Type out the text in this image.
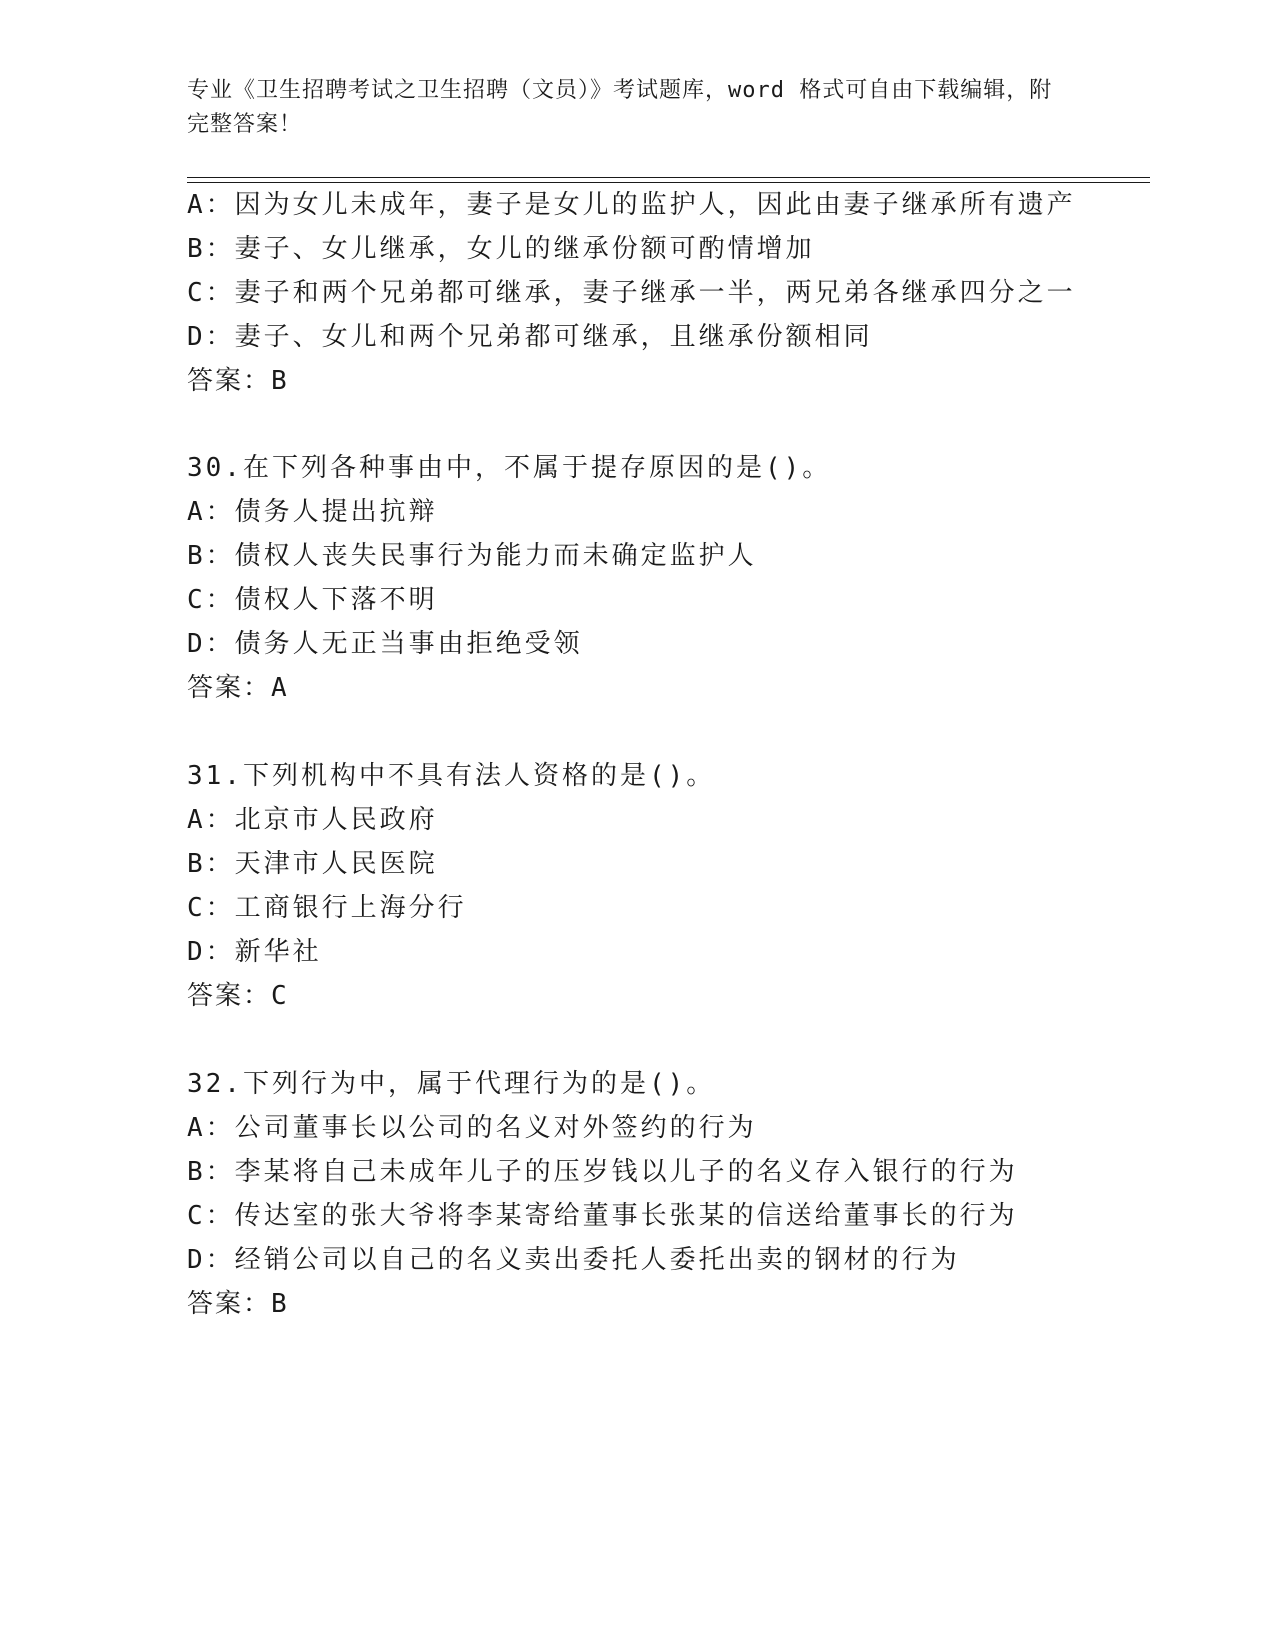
专业《卫生招聘考试之卫生招聘（文员）》考试题库，word 格式可自由下载编辑，附完整答案！
A：因为女儿未成年，妻子是女儿的监护人，因此由妻子继承所有遗产
B：妻子、女儿继承，女儿的继承份额可酌情增加
C：妻子和两个兄弟都可继承，妻子继承一半，两兄弟各继承四分之一
D：妻子、女儿和两个兄弟都可继承，且继承份额相同
答案：B
30.在下列各种事由中，不属于提存原因的是()。
A：债务人提出抗辩
B：债权人丧失民事行为能力而未确定监护人
C：债权人下落不明
D：债务人无正当事由拒绝受领
答案：A
31.下列机构中不具有法人资格的是()。
A：北京市人民政府
B：天津市人民医院
C：工商银行上海分行
D：新华社
答案：C
32.下列行为中，属于代理行为的是()。
A：公司董事长以公司的名义对外签约的行为
B：李某将自己未成年儿子的压岁钱以儿子的名义存入银行的行为
C：传达室的张大爷将李某寄给董事长张某的信送给董事长的行为
D：经销公司以自己的名义卖出委托人委托出卖的钢材的行为
答案：B
